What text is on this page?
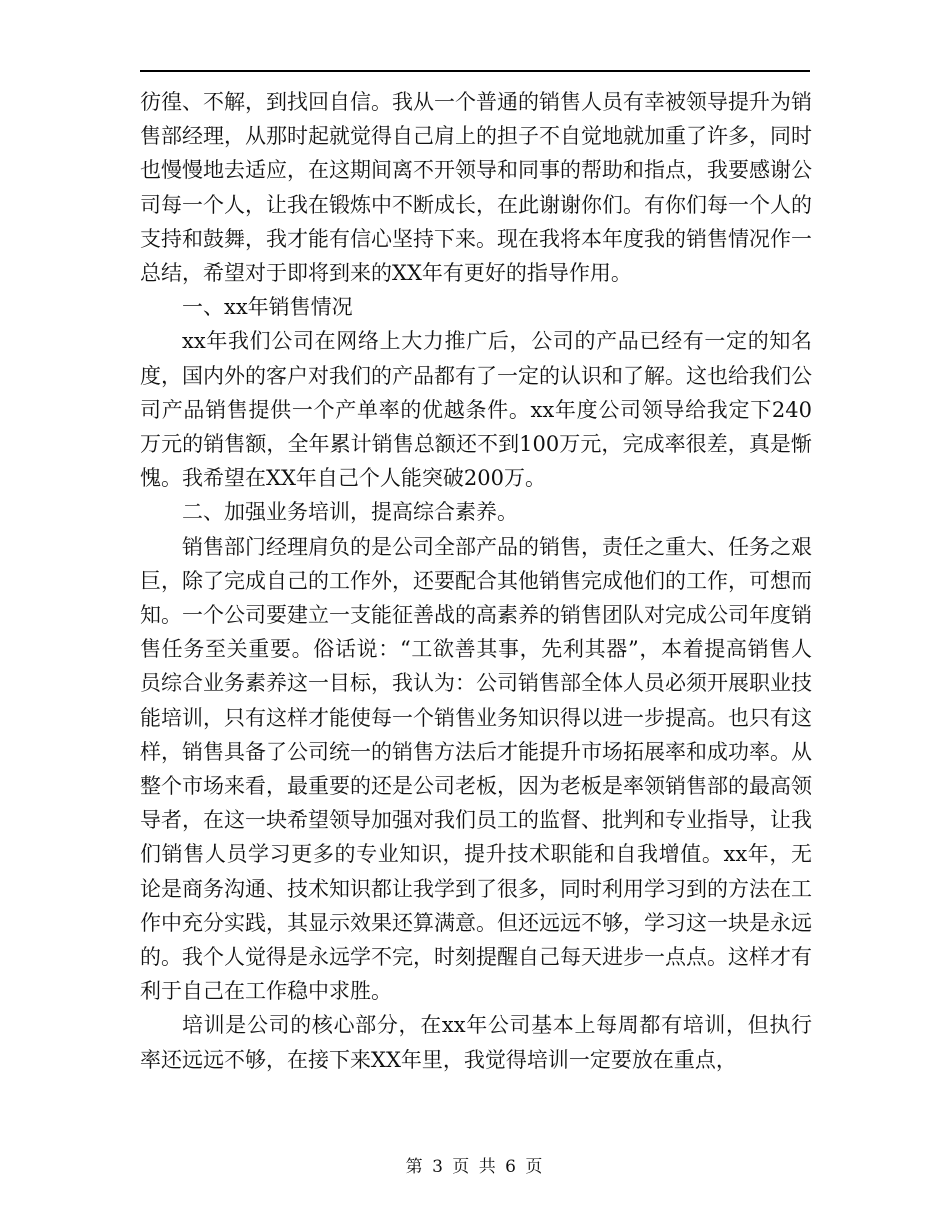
彷徨、不解，到找回自信。我从一个普通的销售人员有幸被领导提升为销售部经理，从那时起就觉得自己肩上的担子不自觉地就加重了许多，同时也慢慢地去适应，在这期间离不开领导和同事的帮助和指点，我要感谢公司每一个人，让我在锻炼中不断成长，在此谢谢你们。有你们每一个人的支持和鼓舞，我才能有信心坚持下来。现在我将本年度我的销售情况作一总结，希望对于即将到来的XX年有更好的指导作用。

一、xx年销售情况

xx年我们公司在网络上大力推广后，公司的产品已经有一定的知名度，国内外的客户对我们的产品都有了一定的认识和了解。这也给我们公司产品销售提供一个产单率的优越条件。xx年度公司领导给我定下240万元的销售额，全年累计销售总额还不到100万元，完成率很差，真是惭愧。我希望在XX年自己个人能突破200万。

二、加强业务培训，提高综合素养。

销售部门经理肩负的是公司全部产品的销售，责任之重大、任务之艰巨，除了完成自己的工作外，还要配合其他销售完成他们的工作，可想而知。一个公司要建立一支能征善战的高素养的销售团队对完成公司年度销售任务至关重要。俗话说：“工欲善其事，先利其器”，本着提高销售人员综合业务素养这一目标，我认为：公司销售部全体人员必须开展职业技能培训，只有这样才能使每一个销售业务知识得以进一步提高。也只有这样，销售具备了公司统一的销售方法后才能提升市场拓展率和成功率。从整个市场来看，最重要的还是公司老板，因为老板是率领销售部的最高领导者，在这一块希望领导加强对我们员工的监督、批判和专业指导，让我们销售人员学习更多的专业知识，提升技术职能和自我增值。xx年，无论是商务沟通、技术知识都让我学到了很多，同时利用学习到的方法在工作中充分实践，其显示效果还算满意。但还远远不够，学习这一块是永远的。我个人觉得是永远学不完，时刻提醒自己每天进步一点点。这样才有利于自己在工作稳中求胜。

培训是公司的核心部分，在xx年公司基本上每周都有培训，但执行率还远远不够，在接下来XX年里，我觉得培训一定要放在重点，

第 3 页 共 6 页
